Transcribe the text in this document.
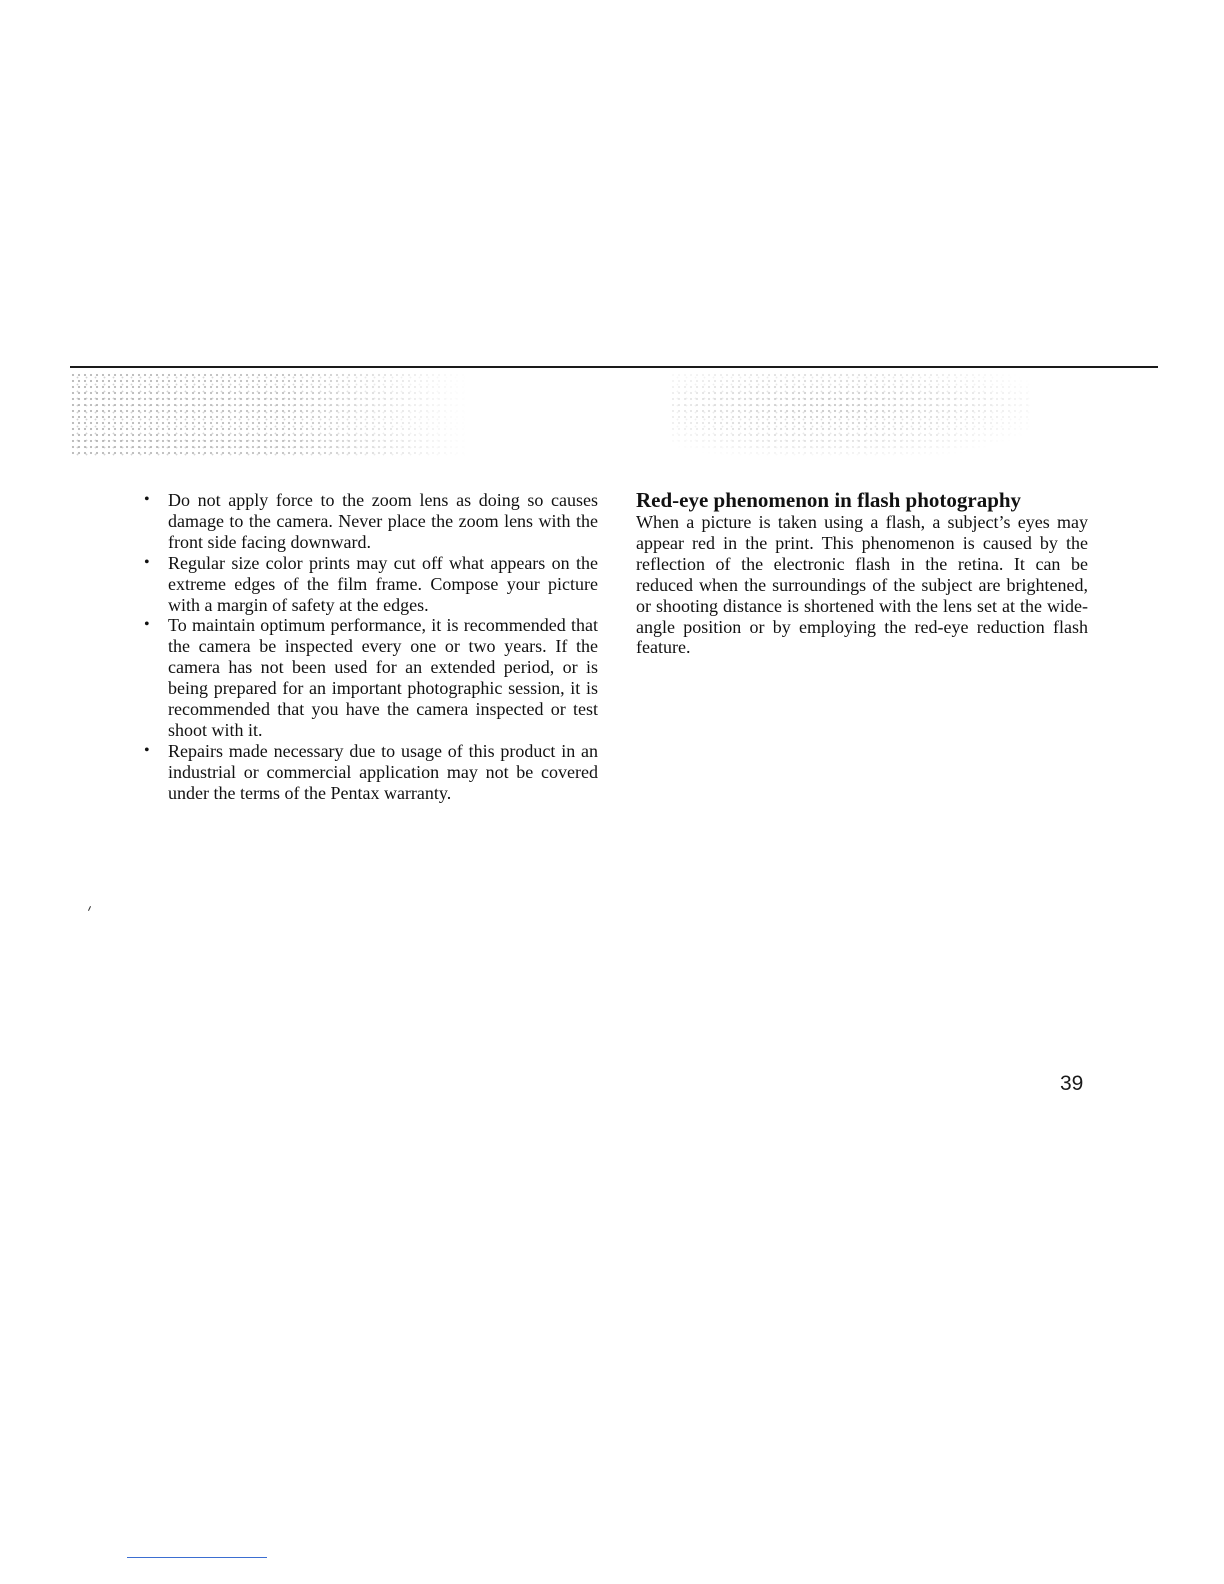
•	Do not apply force to the zoom lens as doing so causes damage to the camera. Never place the zoom lens with the front side facing downward.
•	Regular size color prints may cut off what appears on the extreme edges of the film frame. Compose your picture with a margin of safety at the edges.
•	To maintain optimum performance, it is recommended that the camera be inspected every one or two years. If the camera has not been used for an extended period, or is being prepared for an important photographic session, it is recommended that you have the camera inspected or test shoot with it.
•	Repairs made necessary due to usage of this product in an industrial or commercial application may not be covered under the terms of the Pentax warranty.
Red-eye phenomenon in flash photography

When a picture is taken using a flash, a subject’s eyes may appear red in the print. This phenomenon is caused by the reflection of the electronic flash in the retina. It can be reduced when the surroundings of the subject are brightened, or shooting distance is shortened with the lens set at the wide-angle position or by employing the red-eye reduction flash feature.

39
